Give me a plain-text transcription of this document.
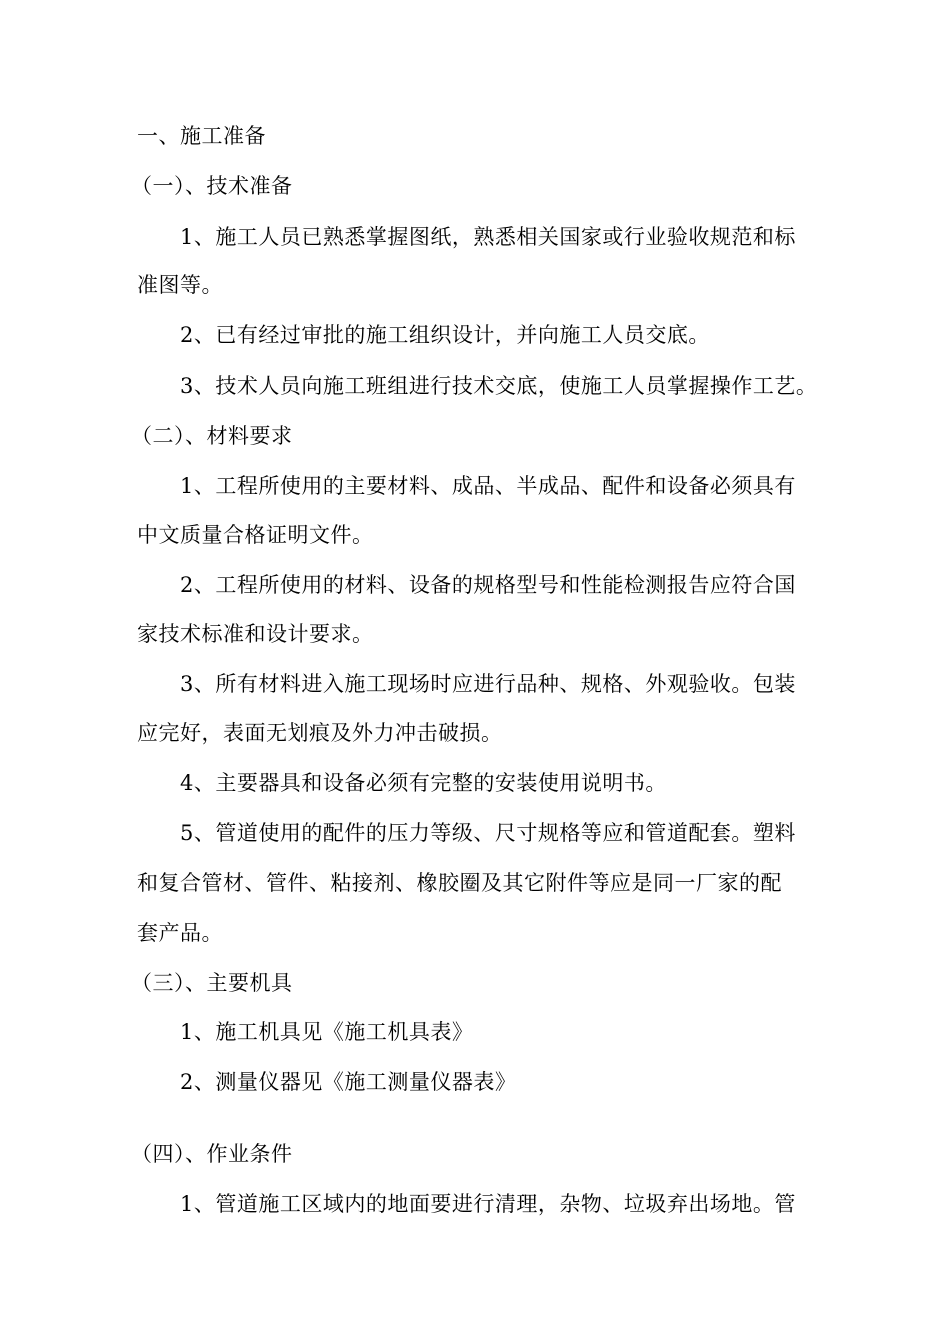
一、施工准备
（一）、技术准备
1、施工人员已熟悉掌握图纸，熟悉相关国家或行业验收规范和标
准图等。
2、已有经过审批的施工组织设计，并向施工人员交底。
3、技术人员向施工班组进行技术交底，使施工人员掌握操作工艺。
（二）、材料要求
1、工程所使用的主要材料、成品、半成品、配件和设备必须具有
中文质量合格证明文件。
2、工程所使用的材料、设备的规格型号和性能检测报告应符合国
家技术标准和设计要求。
3、所有材料进入施工现场时应进行品种、规格、外观验收。包装
应完好，表面无划痕及外力冲击破损。
4、主要器具和设备必须有完整的安装使用说明书。
5、管道使用的配件的压力等级、尺寸规格等应和管道配套。塑料
和复合管材、管件、粘接剂、橡胶圈及其它附件等应是同一厂家的配
套产品。
（三）、主要机具
1、施工机具见《施工机具表》
2、测量仪器见《施工测量仪器表》
（四）、作业条件
1、管道施工区域内的地面要进行清理，杂物、垃圾弃出场地。管
